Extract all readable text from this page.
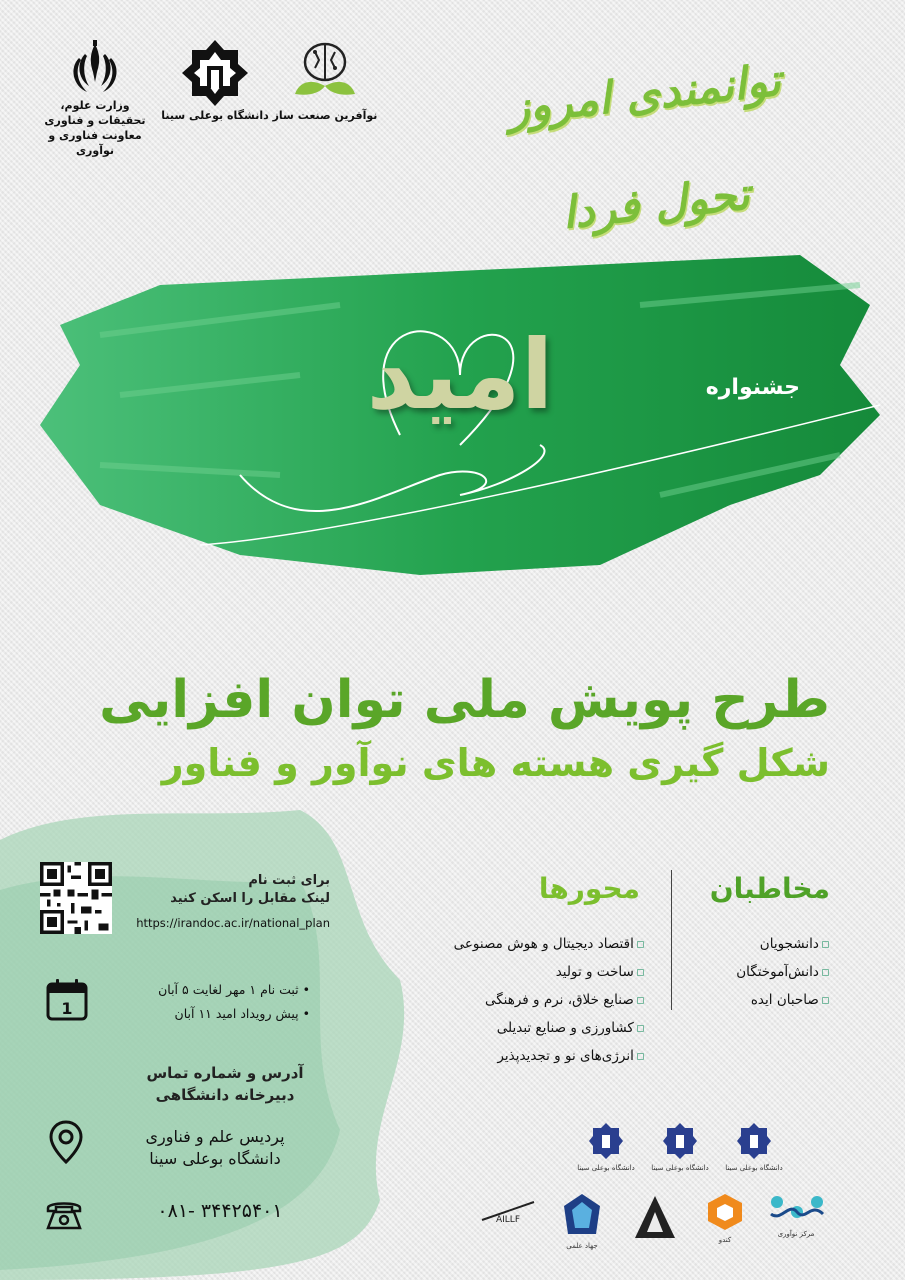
توانمندی امروز تحول فردا
وزارت علوم، تحقیقات و فناوری
معاونت فناوری و نوآوری
دانشگاه بوعلی سینا نوآفرین صنعت ساز
امید	جشنواره
طرح پویش ملی توان افزایی
شکل گیری هسته های نوآور و فناور
برای ثبت نام
لینک مقابل را اسکن کنید
https://irandoc.ac.ir/national_plan
1
• ثبت نام ۱ مهر لغایت ۵ آبان
• پیش رویداد امید ۱۱ آبان
آدرس و شماره تماس
دبیرخانه دانشگاهی
پردیس علم و فناوری
دانشگاه بوعلی سینا
۰۸۱- ۳۴۴۲۵۴۰۱
مخاطبان
محورها
▫ دانشجویان
▫ دانش‌آموختگان
▫ صاحبان ایده
▫ اقتصاد دیجیتال و هوش مصنوعی
▫ ساخت و تولید
▫ صنایع خلاق، نرم و فرهنگی
▫ کشاورزی و صنایع تبدیلی
▫ انرژی‌های نو و تجدیدپذیر
دانشگاه بوعلی سینا دانشگاه بوعلی سینا دانشگاه بوعلی سینا
مرکز نوآوری
کندو
جهاد علمی
AILLF
